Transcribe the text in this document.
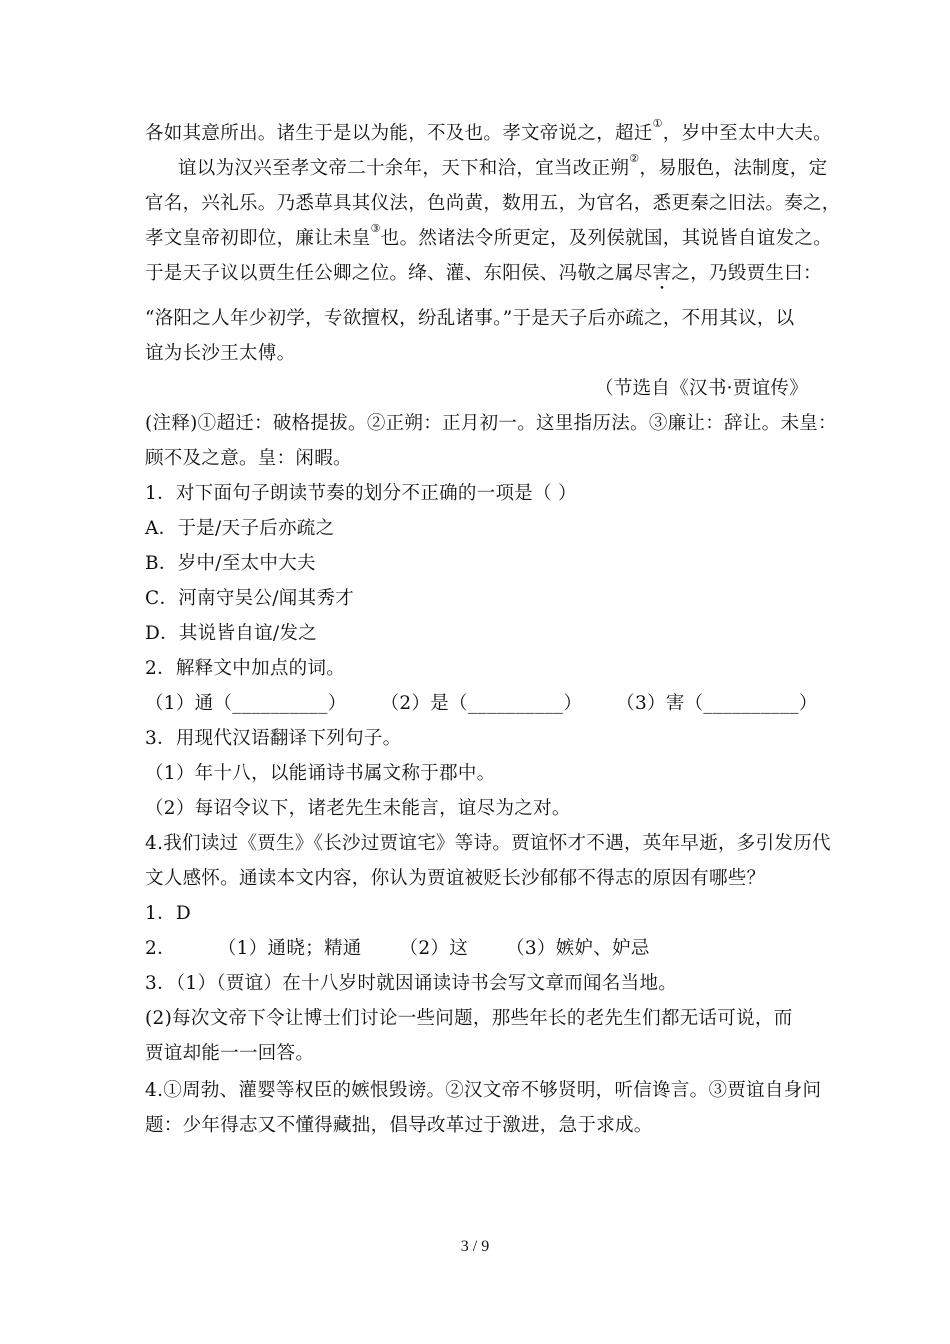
各如其意所出。诸生于是以为能，不及也。孝文帝说之，超迁①，岁中至太中大夫。
谊以为汉兴至孝文帝二十余年，天下和洽，宜当改正朔②，易服色，法制度，定
官名，兴礼乐。乃悉草具其仪法，色尚黄，数用五，为官名，悉更秦之旧法。奏之，
孝文皇帝初即位，廉让未皇③也。然诸法令所更定，及列侯就国，其说皆自谊发之。
于是天子议以贾生任公卿之位。绛、灌、东阳侯、冯敬之属尽害之，乃毁贾生曰：
“洛阳之人年少初学，专欲擅权，纷乱诸事。”于是天子后亦疏之，不用其议，以
谊为长沙王太傅。
（节选自《汉书·贾谊传》
(注释)①超迁：破格提拔。②正朔：正月初一。这里指历法。③廉让：辞让。未皇：
顾不及之意。皇：闲暇。
1．对下面句子朗读节奏的划分不正确的一项是（ ）
A．于是/天子后亦疏之
B．岁中/至太中大夫
C．河南守吴公/闻其秀才
D．其说皆自谊/发之
2．解释文中加点的词。
（1）通（__________） （2）是（__________） （3）害（__________）
3．用现代汉语翻译下列句子。
（1）年十八，以能诵诗书属文称于郡中。
（2）每诏令议下，诸老先生未能言，谊尽为之对。
4.我们读过《贾生》《长沙过贾谊宅》等诗。贾谊怀才不遇，英年早逝，多引发历代
文人感怀。通读本文内容，你认为贾谊被贬长沙郁郁不得志的原因有哪些？
1．D
2． （1）通晓；精通 （2）这 （3）嫉妒、妒忌
3．（1）（贾谊）在十八岁时就因诵读诗书会写文章而闻名当地。
(2)每次文帝下令让博士们讨论一些问题，那些年长的老先生们都无话可说，而
贾谊却能一一回答。
4.①周勃、灌婴等权臣的嫉恨毁谤。②汉文帝不够贤明，听信谗言。③贾谊自身问
题：少年得志又不懂得藏拙，倡导改革过于激进，急于求成。
3 / 9
